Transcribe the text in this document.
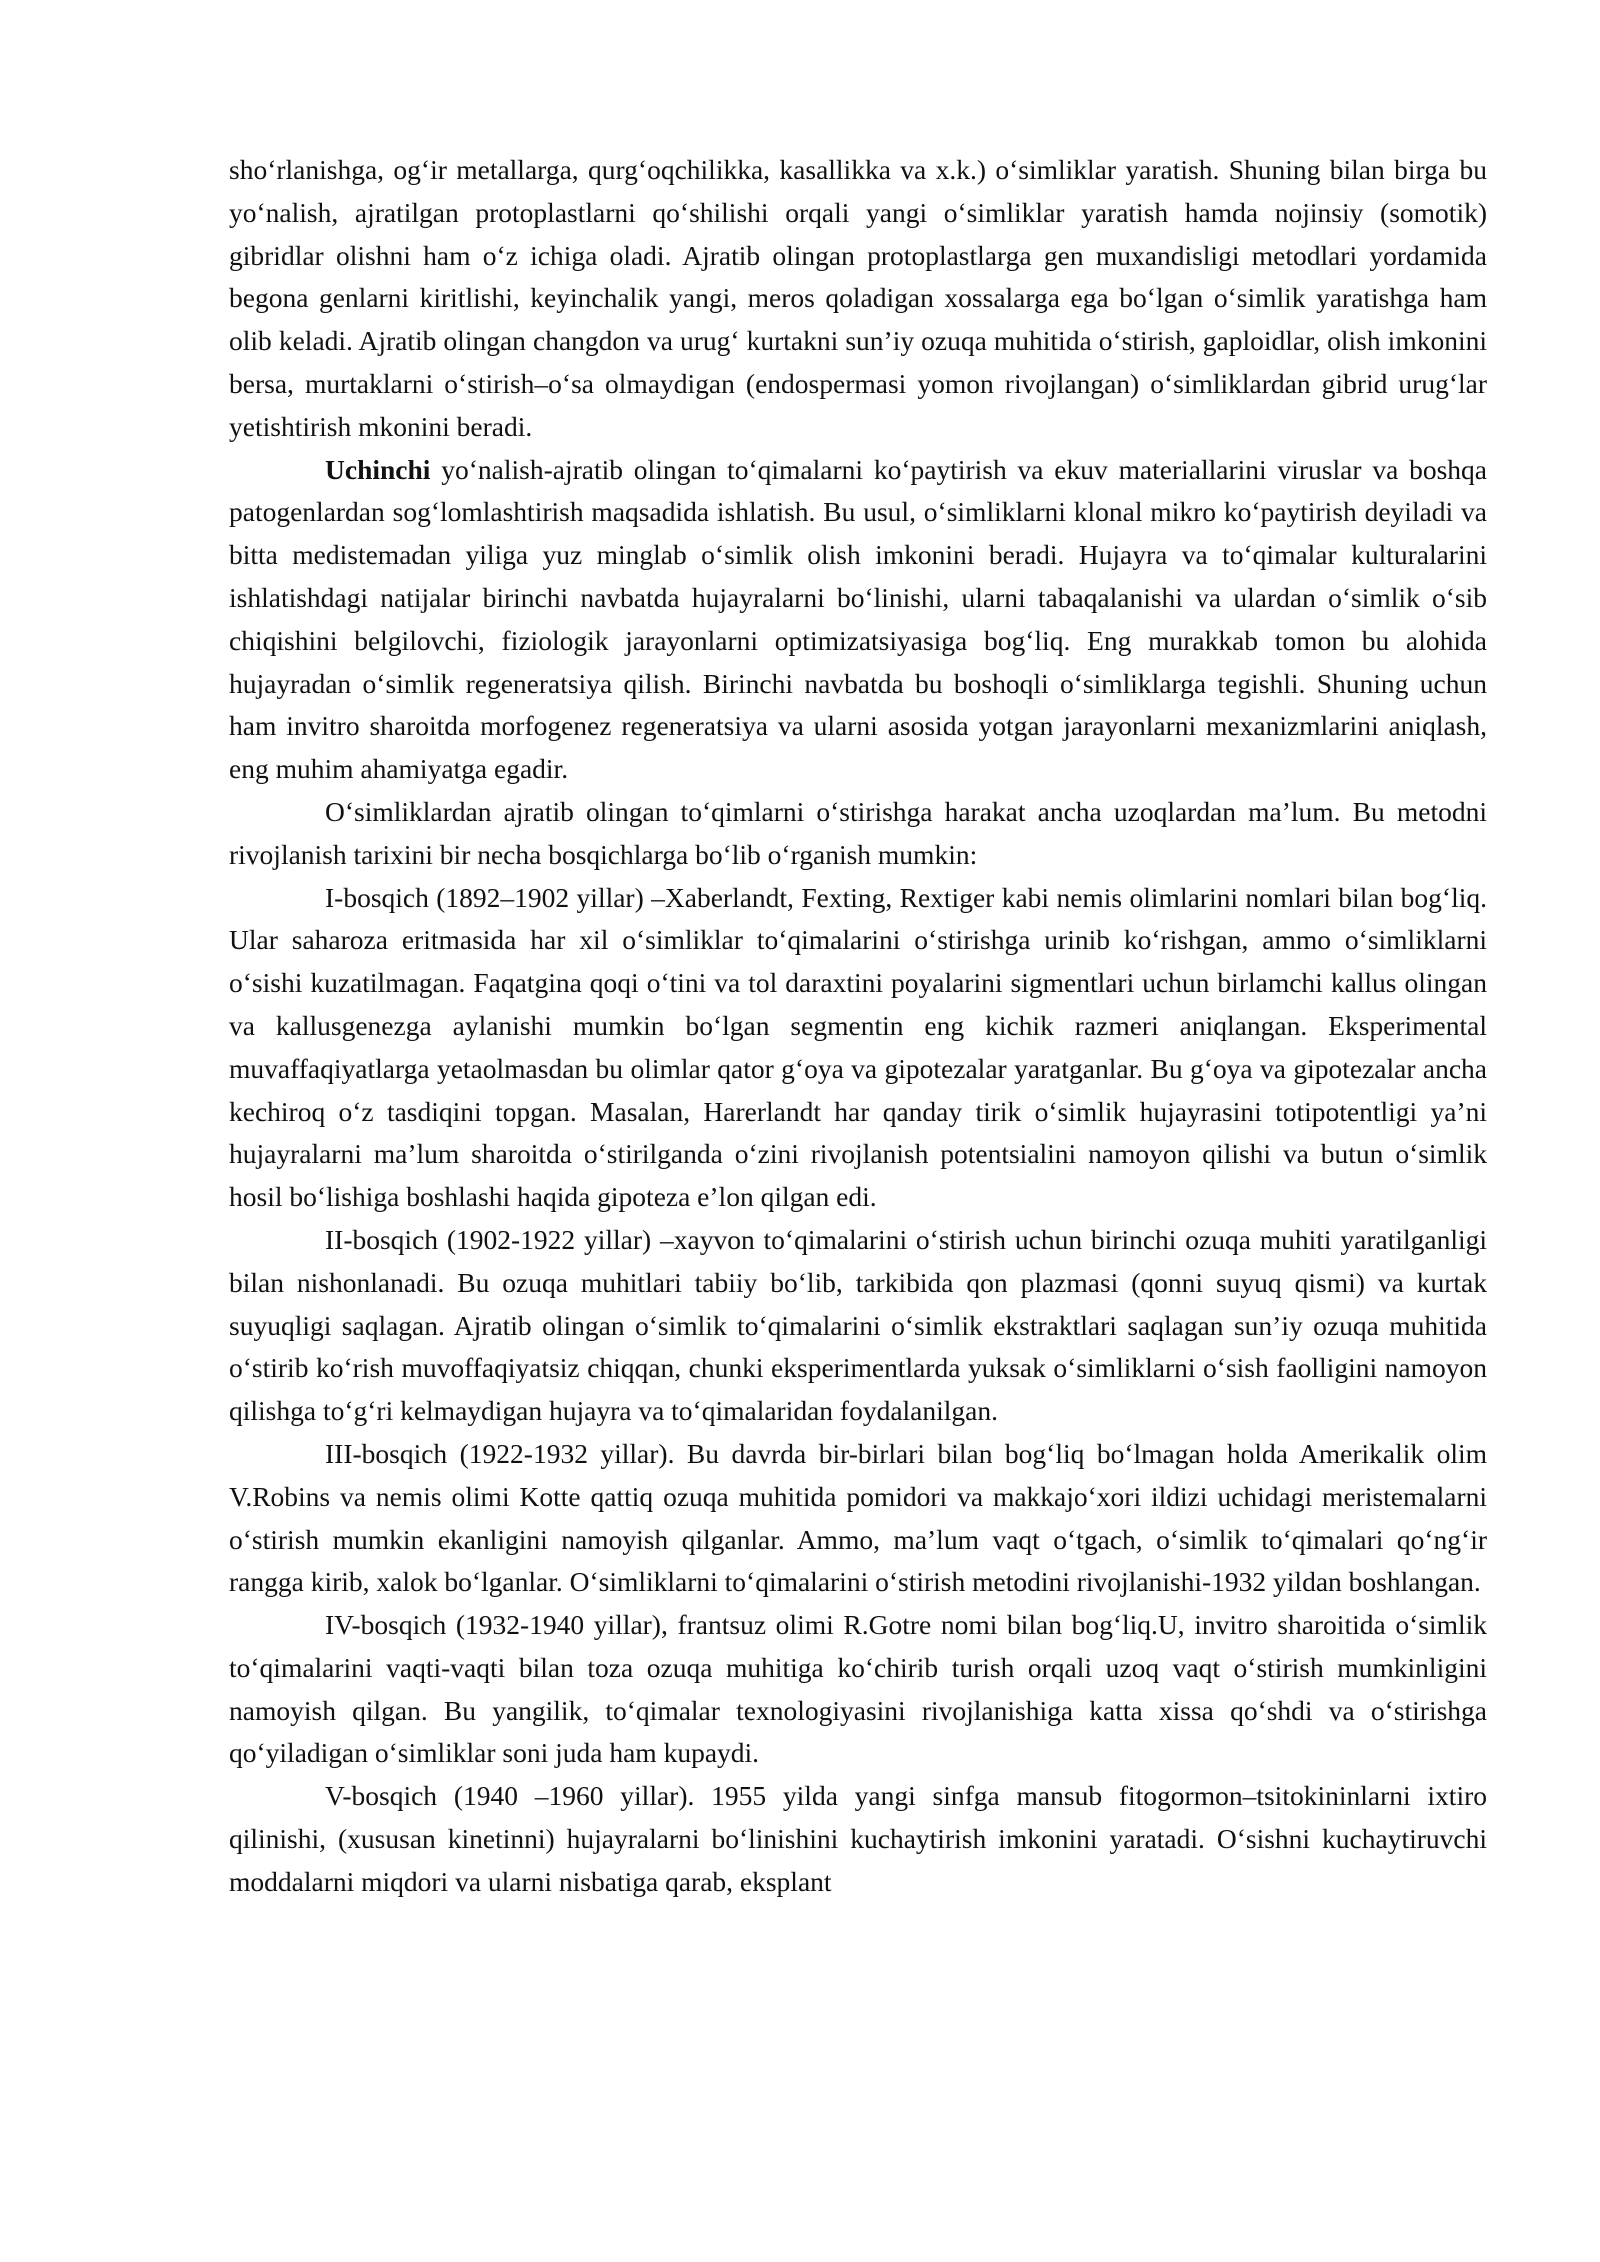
sho‘rlanishga, og‘ir metallarga, qurg‘oqchilikka, kasallikka va x.k.) o‘simliklar yaratish. Shuning bilan birga bu yo‘nalish, ajratilgan protoplastlarni qo‘shilishi orqali yangi o‘simliklar yaratish hamda nojinsiy (somotik) gibridlar olishni ham o‘z ichiga oladi. Ajratib olingan protoplastlarga gen muxandisligi metodlari yordamida begona genlarni kiritlishi, keyinchalik yangi, meros qoladigan xossalarga ega bo‘lgan o‘simlik yaratishga ham olib keladi. Ajratib olingan changdon va urug‘ kurtakni sun’iy ozuqa muhitida o‘stirish, gaploidlar, olish imkonini bersa, murtaklarni o‘stirish–o‘sa olmaydigan (endospermasi yomon rivojlangan) o‘simliklardan gibrid urug‘lar yetishtirish mkonini beradi.

Uchinchi yo‘nalish-ajratib olingan to‘qimalarni ko‘paytirish va ekuv materiallarini viruslar va boshqa patogenlardan sog‘lomlashtirish maqsadida ishlatish. Bu usul, o‘simliklarni klonal mikro ko‘paytirish deyiladi va bitta medistemadan yiliga yuz minglab o‘simlik olish imkonini beradi. Hujayra va to‘qimalar kulturalarini ishlatishdagi natijalar birinchi navbatda hujayralarni bo‘linishi, ularni tabaqalanishi va ulardan o‘simlik o‘sib chiqishini belgilovchi, fiziologik jarayonlarni optimizatsiyasiga bog‘liq. Eng murakkab tomon bu alohida hujayradan o‘simlik regeneratsiya qilish. Birinchi navbatda bu boshoqli o‘simliklarga tegishli. Shuning uchun ham invitro sharoitda morfogenez regeneratsiya va ularni asosida yotgan jarayonlarni mexanizmlarini aniqlash, eng muhim ahamiyatga egadir.

O‘simliklardan ajratib olingan to‘qimlarni o‘stirishga harakat ancha uzoqlardan ma’lum. Bu metodni rivojlanish tarixini bir necha bosqichlarga bo‘lib o‘rganish mumkin:

I-bosqich (1892–1902 yillar) –Xaberlandt, Fexting, Rextiger kabi nemis olimlarini nomlari bilan bog‘liq. Ular saharoza eritmasida har xil o‘simliklar to‘qimalarini o‘stirishga urinib ko‘rishgan, ammo o‘simliklarni o‘sishi kuzatilmagan. Faqatgina qoqi o‘tini va tol daraxtini poyalarini sigmentlari uchun birlamchi kallus olingan va kallusgenezga aylanishi mumkin bo‘lgan segmentin eng kichik razmeri aniqlangan. Eksperimental muvaffaqiyatlarga yetaolmasdan bu olimlar qator g‘oya va gipotezalar yaratganlar. Bu g‘oya va gipotezalar ancha kechiroq o‘z tasdiqini topgan. Masalan, Harerlandt har qanday tirik o‘simlik hujayrasini totipotentligi ya’ni hujayralarni ma’lum sharoitda o‘stirilganda o‘zini rivojlanish potentsialini namoyon qilishi va butun o‘simlik hosil bo‘lishiga boshlashi haqida gipoteza e’lon qilgan edi.

II-bosqich (1902-1922 yillar) –xayvon to‘qimalarini o‘stirish uchun birinchi ozuqa muhiti yaratilganligi bilan nishonlanadi. Bu ozuqa muhitlari tabiiy bo‘lib, tarkibida qon plazmasi (qonni suyuq qismi) va kurtak suyuqligi saqlagan. Ajratib olingan o‘simlik to‘qimalarini o‘simlik ekstraktlari saqlagan sun’iy ozuqa muhitida o‘stirib ko‘rish muvoffaqiyatsiz chiqqan, chunki eksperimentlarda yuksak o‘simliklarni o‘sish faolligini namoyon qilishga to‘g‘ri kelmaydigan hujayra va to‘qimalaridan foydalanilgan.

III-bosqich (1922-1932 yillar). Bu davrda bir-birlari bilan bog‘liq bo‘lmagan holda Amerikalik olim V.Robins va nemis olimi Kotte qattiq ozuqa muhitida pomidori va makkajo‘xori ildizi uchidagi meristemalarni o‘stirish mumkin ekanligini namoyish qilganlar. Ammo, ma’lum vaqt o‘tgach, o‘simlik to‘qimalari qo‘ng‘ir rangga kirib, xalok bo‘lganlar. O‘simliklarni to‘qimalarini o‘stirish metodini rivojlanishi-1932 yildan boshlangan.

IV-bosqich (1932-1940 yillar), frantsuz olimi R.Gotre nomi bilan bog‘liq.U, invitro sharoitida o‘simlik to‘qimalarini vaqti-vaqti bilan toza ozuqa muhitiga ko‘chirib turish orqali uzoq vaqt o‘stirish mumkinligini namoyish qilgan. Bu yangilik, to‘qimalar texnologiyasini rivojlanishiga katta xissa qo‘shdi va o‘stirishga qo‘yiladigan o‘simliklar soni juda ham kupaydi.

V-bosqich (1940 –1960 yillar). 1955 yilda yangi sinfga mansub fitogormon–tsitokininlarni ixtiro qilinishi, (xususan kinetinni) hujayralarni bo‘linishini kuchaytirish imkonini yaratadi. O‘sishni kuchaytiruvchi moddalarni miqdori va ularni nisbatiga qarab, eksplant
